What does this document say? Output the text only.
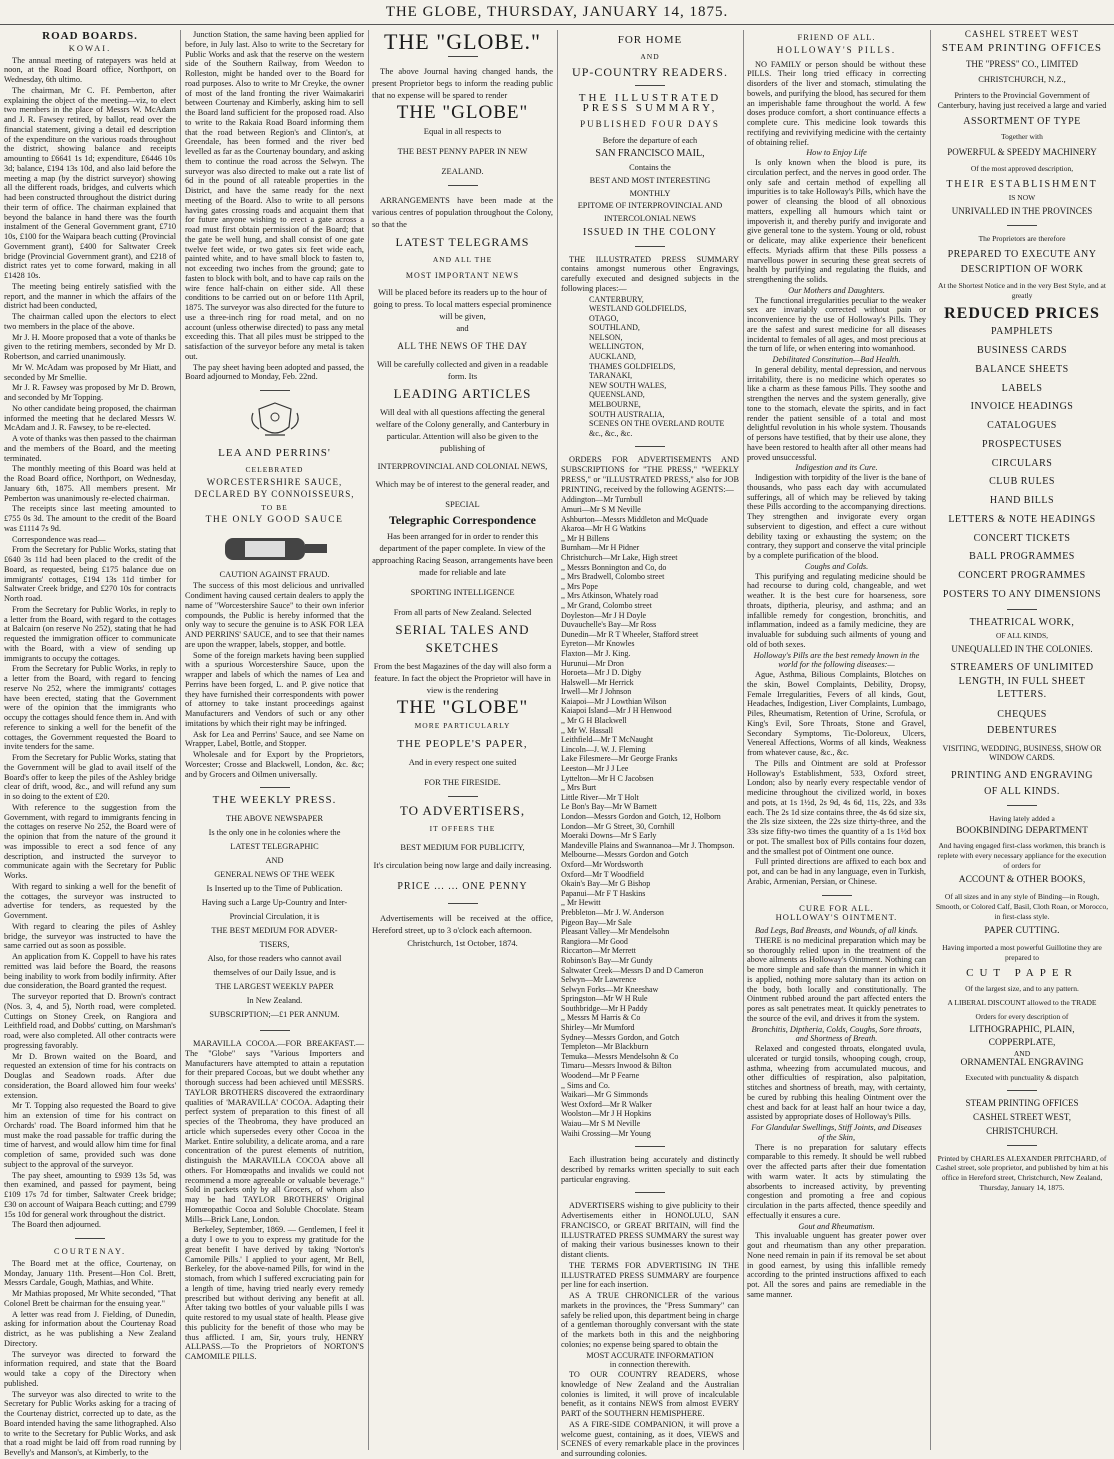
THE GLOBE, THURSDAY, JANUARY 14, 1875.
ROAD BOARDS.
KOWAI.

The annual meeting of ratepayers was held at noon, at the Road Board office, Northport, on Wednesday, 6th ultimo.

The chairman, Mr C. Ff. Pemberton, after explaining the object of the meeting—viz, to elect two members in the place of Messrs W. McAdam and J. R. Fawsey retired, by ballot, read over the financial statement, giving a detail ed description of the expenditure on the various roads throughout the district, showing balance and receipts amounting to £6641 1s 1d; expenditure, £6446 10s 3d; balance, £194 13s 10d, and also laid before the meeting a map (by the district surveyor) showing all the different roads, bridges, and culverts which had been constructed throughout the district during their term of office. The chairman explained that beyond the balance in hand there was the fourth instalment of the General Government grant, £710 10s, £100 for the Waipara beach cutting (Provincial Government grant), £400 for Saltwater Creek bridge (Provincial Government grant), and £218 of district rates yet to come forward, making in all £1428 10s.

The meeting being entirely satisfied with the report, and the manner in which the affairs of the district had been conducted,

The chairman called upon the electors to elect two members in the place of the above.

Mr J. H. Moore proposed that a vote of thanks be given to the retiring members, seconded by Mr D. Robertson, and carried unanimously.

Mr W. McAdam was proposed by Mr Hiatt, and seconded by Mr Smellie.

Mr J. R. Fawsey was proposed by Mr D. Brown, and seconded by Mr Topping.

No other candidate being proposed, the chairman informed the meeting that he declared Messrs W. McAdam and J. R. Fawsey, to be re-elected.

A vote of thanks was then passed to the chairman and the members of the Board, and the meeting terminated.

The monthly meeting of this Board was held at the Road Board office, Northport, on Wednesday, January 6th, 1875. All members present. Mr Pemberton was unanimously re-elected chairman.

The receipts since last meeting amounted to £755 0s 3d. The amount to the credit of the Board was £1114 7s 9d.

Correspondence was read—

From the Secretary for Public Works, stating that £640 3s 11d had been placed to the credit of the Board, as requested, being £175 balance due on immigrants' cottages, £194 13s 11d timber for Saltwater Creek bridge, and £270 10s for contracts North road.

From the Secretary for Public Works, in reply to a letter from the Board, with regard to the cottages at Balcairn (on reserve No 252), stating that he had requested the immigration officer to communicate with the Board, with a view of sending up immigrants to occupy the cottages.

From the Secretary for Public Works, in reply to a letter from the Board, with regard to fencing reserve No 252, where the immigrants' cottages have been erected, stating that the Government were of the opinion that the immigrants who occupy the cottages should fence them in. And with reference to sinking a well for the benefit of the cottages, the Government requested the Board to invite tenders for the same.

From the Secretary for Public Works, stating that the Government will be glad to avail itself of the Board's offer to keep the piles of the Ashley bridge clear of drift, wood, &c., and will refund any sum in so doing to the extent of £20.

With reference to the suggestion from the Government, with regard to immigrants fencing in the cottages on reserve No 252, the Board were of the opinion that from the nature of the ground it was impossible to erect a sod fence of any description, and instructed the surveyor to communicate again with the Secretary for Public Works.

With regard to sinking a well for the benefit of the cottages, the surveyor was instructed to advertise for tenders, as requested by the Government.

With regard to clearing the piles of Ashley bridge, the surveyor was instructed to have the same carried out as soon as possible.

An application from K. Coppell to have his rates remitted was laid before the Board, the reasons being inability to work from bodily infirmity. After due consideration, the Board granted the request.

The surveyor reported that D. Brown's contract (Nos. 3, 4, and 5), North road, were completed. Cuttings on Stoney Creek, on Rangiora and Leithfield road, and Dobbs' cutting, on Marshman's road, were also completed. All other contracts were progressing favorably.

Mr D. Brown waited on the Board, and requested an extension of time for his contracts on Douglas and Seadown roads. After due consideration, the Board allowed him four weeks' extension.

Mr T. Topping also requested the Board to give him an extension of time for his contract on Orchards' road. The Board informed him that he must make the road passable for traffic during the time of harvest, and would allow him time for final completion of same, provided such was done subject to the approval of the surveyor.

The pay sheet, amounting to £939 13s 5d, was then examined, and passed for payment, being £109 17s 7d for timber, Saltwater Creek bridge; £30 on account of Waipara Beach cutting; and £799 15s 10d for general work throughout the district.

The Board then adjourned.

COURTENAY.

The Board met at the office, Courtenay, on Monday, January 11th. Present—Hon Col. Brett, Messrs Cardale, Gough, Mathias, and White.

Mr Mathias proposed, Mr White seconded, "That Colonel Brett be chairman for the ensuing year."

A letter was read from J. Fielding, of Dunedin, asking for information about the Courtenay Road district, as he was publishing a New Zealand Directory.

The surveyor was directed to forward the information required, and state that the Board would take a copy of the Directory when published.

The surveyor was also directed to write to the Secretary for Public Works asking for a tracing of the Courtenay district, corrected up to date, as the Board intended having the same lithographed. Also to write to the Secretary for Public Works, and ask that a road might be laid off from road running by Bevelly's and Manson's, at Kimberly, to the

Junction Station, the same having been applied for before, in July last. Also to write to the Secretary for Public Works and ask that the reserve on the western side of the Southern Railway, from Weedon to Rolleston, might be handed over to the Board for road purposes. Also to write to Mr Creyke, the owner of most of the land fronting the river Waimakariri between Courtenay and Kimberly, asking him to sell the Board land sufficient for the proposed road. Also to write to the Rakaia Road Board informing them that the road between Region's and Clinton's, at Greendale, has been formed and the river bed levelled as far as the Courtenay boundary, and asking them to continue the road across the Selwyn. The surveyor was also directed to make out a rate list of 6d in the pound of all rateable properties in the District, and have the same ready for the next meeting of the Board. Also to write to all persons having gates crossing roads and acquaint them that for future anyone wishing to erect a gate across a road must first obtain permission of the Board; that the gate be well hung, and shall consist of one gate twelve feet wide, or two gates six feet wide each, painted white, and to have small block to fasten to, not exceeding two inches from the ground; gate to fasten to block with bolt, and to have cap rails on the wire fence half-chain on either side. All these conditions to be carried out on or before 11th April, 1875. The surveyor was also directed for the future to use a three-inch ring for road metal, and on no account (unless otherwise directed) to pass any metal exceeding this. That all piles must be stripped to the satisfaction of the surveyor before any metal is taken out.

The pay sheet having been adopted and passed, the Board adjourned to Monday, Feb. 22nd.

LEA AND PERRINS'
CELEBRATED
WORCESTERSHIRE SAUCE,
DECLARED BY CONNOISSEURS,
TO BE
THE ONLY GOOD SAUCE
CAUTION AGAINST FRAUD.

The success of this most delicious and unrivalled Condiment having caused certain dealers to apply the name of "Worcestershire Sauce" to their own inferior compounds, the Public is hereby informed that the only way to secure the genuine is to ASK FOR LEA AND PERRINS' SAUCE, and to see that their names are upon the wrapper, labels, stopper, and bottle.

Some of the foreign markets having been supplied with a spurious Worcestershire Sauce, upon the wrapper and labels of which the names of Lea and Perrins have been forged, L. and P. give notice that they have furnished their correspondents with power of attorney to take instant proceedings against Manufacturers and Vendors of such or any other imitations by which their right may be infringed.

Ask for Lea and Perrins' Sauce, and see Name on Wrapper, Label, Bottle, and Stopper.

Wholesale and for Export by the Proprietors, Worcester; Crosse and Blackwell, London, &c. &c; and by Grocers and Oilmen universally.

THE WEEKLY PRESS.
THE ABOVE NEWSPAPER
Is the only one in he colonies where the
LATEST TELEGRAPHIC
AND
GENERAL NEWS OF THE WEEK
Is Inserted up to the Time of Publication.
Having such a Large Up-Country and Inter-
Provincial Circulation, it is
THE BEST MEDIUM FOR ADVER-
TISERS,
Also, for those readers who cannot avail
themselves of our Daily Issue, and is
THE LARGEST WEEKLY PAPER
In New Zealand.
SUBSCRIPTION;—£1 PER ANNUM.

MARAVILLA COCOA.—FOR BREAKFAST.—The "Globe" says "Various Importers and Manufacturers have attempted to attain a reputation for their prepared Cocoas, but we doubt whether any thorough success had been achieved until MESSRS. TAYLOR BROTHERS discovered the extraordinary qualities of 'MARAVILLA' COCOA. Adapting their perfect system of preparation to this finest of all species of the Theobroma, they have produced an article which supersedes every other Cocoa in the Market. Entire solubility, a delicate aroma, and a rare concentration of the purest elements of nutrition, distinguish the MARAVILLA COCOA above all others. For Homœopaths and invalids we could not recommend a more agreeable or valuable beverage." Sold in packets only by all Grocers, of whom also may be had TAYLOR BROTHERS' Original Homœopathic Cocoa and Soluble Chocolate. Steam Mills—Brick Lane, London.

Berkeley, September, 1869. — Gentlemen, I feel it a duty I owe to you to express my gratitude for the great benefit I have derived by taking 'Norton's Camomile Pills.' I applied to your agent, Mr Bell, Berkeley, for the above-named Pills, for wind in the stomach, from which I suffered excruciating pain for a length of time, having tried nearly every remedy prescribed but without deriving any benefit at all. After taking two bottles of your valuable pills I was quite restored to my usual state of health. Please give this publicity for the benefit of those who may be thus afflicted. I am, Sir, yours truly, HENRY ALLPASS.—To the Proprietors of NORTON'S CAMOMILE PILLS.

THE "GLOBE."

The above Journal having changed hands, the present Proprietor begs to inform the reading public that no expense will be spared to render

THE "GLOBE"
Equal in all respects to
THE BEST PENNY PAPER IN NEW
ZEALAND.

ARRANGEMENTS have been made at the various centres of population throughout the Colony, so that the

LATEST TELEGRAMS
AND ALL THE
MOST IMPORTANT NEWS
Will be placed before its readers up to the hour of going to press. To local matters especial prominence will be given,
and
ALL THE NEWS OF THE DAY
Will be carefully collected and given in a readable form. Its
LEADING ARTICLES
Will deal with all questions affecting the general welfare of the Colony generally, and Canterbury in particular. Attention will also be given to the publishing of
INTERPROVINCIAL AND COLONIAL NEWS,
Which may be of interest to the general reader, and
SPECIAL
Telegraphic Correspondence
Has been arranged for in order to render this department of the paper complete. In view of the approaching Racing Season, arrangements have been made for reliable and late
SPORTING INTELLIGENCE
From all parts of New Zealand. Selected
SERIAL TALES AND
SKETCHES
From the best Magazines of the day will also form a feature. In fact the object the Proprietor will have in view is the rendering
THE "GLOBE"
MORE PARTICULARLY
THE PEOPLE'S PAPER,
And in every respect one suited
FOR THE FIRESIDE.
TO ADVERTISERS,
IT OFFERS THE
BEST MEDIUM FOR PUBLICITY,
It's circulation being now large and daily increasing.
PRICE ... ... ONE PENNY

Advertisements will be received at the office, Hereford street, up to 3 o'clock each afternoon.

Christchurch, 1st October, 1874.
FOR HOME
AND
UP-COUNTRY READERS.
THE ILLUSTRATED
PRESS SUMMARY,
PUBLISHED FOUR DAYS
Before the departure of each
SAN FRANCISCO MAIL,
Contains the
BEST AND MOST INTERESTING
MONTHLY
EPITOME OF INTERPROVINCIAL AND
INTERCOLONIAL NEWS
ISSUED IN THE COLONY

THE ILLUSTRATED PRESS SUMMARY contains amongst numerous other Engravings, carefully executed and designed subjects in the following places:—

CANTERBURY,
WESTLAND GOLDFIELDS,
OTAGO,
SOUTHLAND,
NELSON,
WELLINGTON,
AUCKLAND,
THAMES GOLDFIELDS,
TARANAKI,
NEW SOUTH WALES,
QUEENSLAND,
MELBOURNE,
SOUTH AUSTRALIA,
SCENES ON THE OVERLAND ROUTE
&c., &c., &c.

ORDERS FOR ADVERTISEMENTS AND SUBSCRIPTIONS for "THE PRESS," "WEEKLY PRESS," or "ILLUSTRATED PRESS," also for JOB PRINTING, received by the following AGENTS:—

Addington—Mr Turnbull
Amuri—Mr S M Neville
Ashburton—Messrs Middleton and McQuade
Akaroa—Mr H G Watkins
,, Mr H Billens
Burnham—Mr H Pidner
Christchurch—Mr Lake, High street
,, Messrs Bonnington and Co, do
,, Mrs Bradwell, Colombo street
,, Mrs Pope
,, Mrs Atkinson, Whately road
,, Mr Grand, Colombo street
Doyleston—Mr J H Doyle
Duvauchelle's Bay—Mr Ross
Dunedin—Mr R T Wheeler, Stafford street
Eyreton—Mr Knowles
Flaxton—Mr J. King.
Hurunui—Mr Dron
Horoeta—Mr J D. Digby
Halswell—Mr Herrick
Irwell—Mr J Johnson
Kaiapoi—Mr J Lowthian Wilson
Kaiapoi Island—Mr J H Henwood
,, Mr G H Blackwell
,, Mr W. Hassall
Leithfield—Mr T McNaught
Lincoln—J. W. J. Fleming
Lake Filesmere—Mr George Franks
Leeston—Mr J J Lee
Lyttelton—Mr H C Jacobsen
,, Mrs Burt
Little River—Mr T Holt
Le Bon's Bay—Mr W Barnett
London—Messrs Gordon and Gotch, 12, Holborn
London—Mr G Street, 30, Cornhill
Moeraki Downs—Mr S Early
Mandeville Plains and Swannanoa—Mr J. Thompson.
Melbourne—Messrs Gordon and Gotch
Oxford—Mr Wordsworth
Oxford—Mr T Woodfield
Okain's Bay—Mr G Bishop
Papanui—Mr F T Haskins
,, Mr Hewitt
Prebbleton—Mr J. W. Anderson
Pigeon Bay—Mr Sale
Pleasant Valley—Mr Mendelsohn
Rangiora—Mr Good
Riccarton—Mr Merrett
Robinson's Bay—Mr Gundy
Saltwater Creek—Messrs D and D Cameron
Selwyn—Mr Lawrence
Selwyn Forks—Mr Kneeshaw
Springston—Mr W H Rule
Southbridge—Mr H Paddy
,, Messrs M Harris & Co
Shirley—Mr Mumford
Sydney—Messrs Gordon, and Gotch
Templeton—Mr Blackburn
Temuka—Messrs Mendelsohn & Co
Timaru—Messrs Inwood & Bilton
Woodend—Mr P Fearne
,, Sims and Co.
Waikari—Mr G Simmonds
West Oxford—Mr R Walker
Woolston—Mr J H Hopkins
Waiau—Mr S M Neville
Waihi Crossing—Mr Young

Each illustration being accurately and distinctly described by remarks written specially to suit each particular engraving.

ADVERTISERS wishing to give publicity to their Advertisements either in HONOLULU, SAN FRANCISCO, or GREAT BRITAIN, will find the ILLUSTRATED PRESS SUMMARY the surest way of making their various businesses known to their distant clients.

THE TERMS FOR ADVERTISING IN THE ILLUSTRATED PRESS SUMMARY are fourpence per line for each insertion.

AS A TRUE CHRONICLER of the various markets in the provinces, the "Press Summary" can safely be relied upon, this department being in charge of a gentleman thoroughly conversant with the state of the markets both in this and the neighboring colonies; no expense being spared to obtain the

MOST ACCURATE INFORMATION
in connection therewith.

TO OUR COUNTRY READERS, whose knowledge of New Zealand and the Australian colonies is limited, it will prove of incalculable benefit, as it contains NEWS from almost EVERY PART of the SOUTHERN HEMISPHERE.

AS A FIRE-SIDE COMPANION, it will prove a welcome guest, containing, as it does, VIEWS and SCENES of every remarkable place in the provinces and surrounding colonies.

FRIEND OF ALL.
HOLLOWAY'S PILLS.

NO FAMILY or person should be without these PILLS. Their long tried efficacy in correcting disorders of the liver and stomach, stimulating the bowels, and purifying the blood, has secured for them an imperishable fame throughout the world. A few doses produce comfort, a short continuance effects a complete cure. This medicine look towards this rectifying and revivifying medicine with the certainty of obtaining relief.

How to Enjoy Life

Is only known when the blood is pure, its circulation perfect, and the nerves in good order. The only safe and certain method of expelling all impurities is to take Holloway's Pills, which have the power of cleansing the blood of all obnoxious matters, expelling all humours which taint or impoverish it, and thereby purify and invigorate and give general tone to the system. Young or old, robust or delicate, may alike experience their beneficent effects. Myriads affirm that these Pills possess a marvellous power in securing these great secrets of health by purifying and regulating the fluids, and strengthening the solids.

Our Mothers and Daughters.

The functional irregularities peculiar to the weaker sex are invariably corrected without pain or inconvenience by the use of Holloway's Pills. They are the safest and surest medicine for all diseases incidental to females of all ages, and most precious at the turn of life, or when entering into womanhood.

Debilitated Constitution—Bad Health.

In general debility, mental depression, and nervous irritability, there is no medicine which operates so like a charm as these famous Pills. They soothe and strengthen the nerves and the system generally, give tone to the stomach, elevate the spirits, and in fact render the patient sensible of a total and most delightful revolution in his whole system. Thousands of persons have testified, that by their use alone, they have been restored to health after all other means had proved unsuccessful.

Indigestion and its Cure.

Indigestion with torpidity of the liver is the bane of thousands, who pass each day with accumulated sufferings, all of which may be relieved by taking these Pills according to the accompanying directions. They strengthen and invigorate every organ subservient to digestion, and effect a cure without debility taxing or exhausting the system; on the contrary, they support and conserve the vital principle by a complete purification of the blood.

Coughs and Colds.

This purifying and regulating medicine should be had recourse to during cold, changeable, and wet weather. It is the best cure for hoarseness, sore throats, diptheria, pleurisy, and asthma; and an infallible remedy for congestion, bronchitis, and inflammation, indeed as a family medicine, they are invaluable for subduing such ailments of young and old of both sexes.

Holloway's Pills are the best remedy known in the world for the following diseases:—

Ague, Asthma, Bilious Complaints, Blotches on the skin, Bowel Complaints, Debility, Dropsy, Female Irregularities, Fevers of all kinds, Gout, Headaches, Indigestion, Liver Complaints, Lumbago, Piles, Rheumatism, Retention of Urine, Scrofula, or King's Evil, Sore Throats, Stone and Gravel, Secondary Symptoms, Tic-Doloreux, Ulcers, Venereal Affections, Worms of all kinds, Weakness from whatever cause, &c., &c.

The Pills and Ointment are sold at Professor Holloway's Establishment, 533, Oxford street, London; also by nearly every respectable vendor of medicine throughout the civilized world, in boxes and pots, at 1s 1½d, 2s 9d, 4s 6d, 11s, 22s, and 33s each. The 2s 1d size contains three, the 4s 6d size six, the 2ls size sixteen, the 22s size thirty-three, and the 33s size fifty-two times the quantity of a 1s 1½d box or pot. The smallest box of Pills contains four dozen, and the smallest pot of Ointment one ounce.

Full printed directions are affixed to each box and pot, and can be had in any language, even in Turkish, Arabic, Armenian, Persian, or Chinese.

CURE FOR ALL.
HOLLOWAY'S OINTMENT.
Bad Legs, Bad Breasts, and Wounds, of all kinds.

THERE is no medicinal preparation which may be so thoroughly relied upon in the treatment of the above ailments as Holloway's Ointment. Nothing can be more simple and safe than the manner in which it is applied, nothing more salutary than its action on the body, both locally and constitutionally. The Ointment rubbed around the part affected enters the pores as salt penetrates meat. It quickly penetrates to the source of the evil, and drives it from the system.

Bronchitis, Diptheria, Colds, Coughs, Sore throats, and Shortness of Breath.

Relaxed and congested throats, elongated uvula, ulcerated or turgid tonsils, whooping cough, croup, asthma, wheezing from accumulated mucous, and other difficulties of respiration, also palpitation, stitches and shortness of breath, may, with certainty, be cured by rubbing this healing Ointment over the chest and back for at least half an hour twice a day, assisted by appropriate doses of Holloway's Pills.

For Glandular Swellings, Stiff Joints, and Diseases of the Skin,

There is no preparation for salutary effects comparable to this remedy. It should be well rubbed over the affected parts after their due fomentation with warm water. It acts by stimulating the absorbents to increased activity, by preventing congestion and promoting a free and copious circulation in the parts affected, thence speedily and effectually it ensures a cure.

Gout and Rheumatism.

This invaluable unguent has greater power over gout and rheumatism than any other preparation. None need remain in pain if its removal be set about in good earnest, by using this infallible remedy according to the printed instructions affixed to each pot. All the sores and pains are remediable in the same manner.

CASHEL STREET WEST
STEAM PRINTING OFFICES
THE "PRESS" CO., LIMITED
CHRISTCHURCH, N.Z.,
Printers to the Provincial Government of Canterbury, having just received a large and varied
ASSORTMENT OF TYPE
Together with
POWERFUL & SPEEDY MACHINERY
Of the most approved description,
THEIR ESTABLISHMENT
IS NOW
UNRIVALLED IN THE PROVINCES
The Proprietors are therefore
PREPARED TO EXECUTE ANY
DESCRIPTION OF WORK
At the Shortest Notice and in the very Best Style, and at greatly
REDUCED PRICES
PAMPHLETS
BUSINESS CARDS
BALANCE SHEETS
LABELS
INVOICE HEADINGS
CATALOGUES
PROSPECTUSES
CIRCULARS
CLUB RULES
HAND BILLS
LETTERS & NOTE HEADINGS
CONCERT TICKETS
BALL PROGRAMMES
CONCERT PROGRAMMES
POSTERS TO ANY DIMENSIONS
THEATRICAL WORK,
OF ALL KINDS,
UNEQUALLED IN THE COLONIES.
STREAMERS OF UNLIMITED
LENGTH, IN FULL SHEET
LETTERS.
CHEQUES
DEBENTURES
VISITING, WEDDING, BUSINESS, SHOW OR WINDOW CARDS.
PRINTING AND ENGRAVING
OF ALL KINDS.
Having lately added a
BOOKBINDING DEPARTMENT
And having engaged first-class workmen, this branch is replete with every necessary appliance for the execution of orders for
ACCOUNT & OTHER BOOKS,
Of all sizes and in any style of Binding—in Rough, Smooth, or Colored Calf, Basil, Cloth Roan, or Morocco, in first-class style.
PAPER CUTTING.
Having imported a most powerful Guillotine they are prepared to
CUT PAPER
Of the largest size, and to any pattern.
A LIBERAL DISCOUNT allowed to the TRADE
Orders for every description of
LITHOGRAPHIC, PLAIN,
COPPERPLATE,
AND
ORNAMENTAL ENGRAVING
Executed with punctuality & dispatch
STEAM PRINTING OFFICES
CASHEL STREET WEST,
CHRISTCHURCH.
Printed by CHARLES ALEXANDER PRITCHARD, of Cashel street, sole proprietor, and published by him at his office in Hereford street, Christchurch, New Zealand, Thursday, January 14, 1875.
